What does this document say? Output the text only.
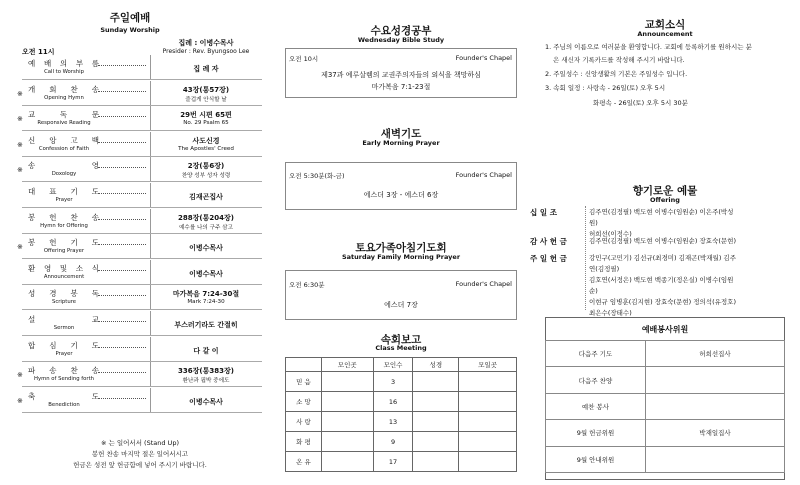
주일예배
Sunday Worship
집례 : 이병수목사
Presider : Rev. Byungsoo Lee
오전 11시
예 배 의 부 름
Call to Worship	집 례 자
※ 개 회 찬 송
Opening Hymn
43장(통57장)
즐겁게 안식할 날
※ 교 독 문
Responsive Reading
29번 시편 65편
No. 29 Psalm 65
※ 신 앙 고 백
Confession of Faith
사도신경
The Apostles' Creed
※ 송 영
Doxology
2장(통6장)
찬양 성부 성자 성령
대 표 기 도
Prayer	김재곤집사
봉 헌 찬 송
Hymn for Offering
288장(통204장)
예수를 나의 구주 삼고
※ 봉 헌 기 도
Offering Prayer	이병수목사
환 영 및 소 식
Announcement	이병수목사
성 경 봉 독
Scripture
마가복음 7:24-30절
Mark 7:24-30
설 교
Sermon	부스러기라도 간절히
합 심 기 도
Prayer	다 같 이
※ 파 송 찬 송
Hymn of Sending forth
336장(통383장)
환난과 핍박 중에도
※ 축 도
Benediction	이병수목사
※ 는 일어서서 (Stand Up)
봉헌 찬송 마지막 절은 일어서시고
헌금은 성전 앞 헌금함에 넣어 주시기 바랍니다.
수요성경공부
Wednesday Bible Study
오전 10시	Founder's Chapel
제37과 예루살렘의 교권주의자들의 외식을 책망하심
마가복음 7:1-23절
새벽기도
Early Morning Prayer
오전 5:30분(화-금)	Founder's Chapel
에스더 3장 - 에스더 6장
토요가족아침기도회
Saturday Family Morning Prayer
오전 6:30분	Founder's Chapel
에스더 7장
속회보고
Class Meeting
	모인곳	모인수	성경	모일곳
믿 음		3		
소 망		16		
사 랑		13		
화 평		9		
온 유		17		
교회소식
Announcement
1. 주님의 이름으로 여러분을 환영합니다. 교회에 등록하기를 원하시는 분
은 새신자 기록카드를 작성해 주시기 바랍니다.
2. 주일성수 : 신앙생활의 기본은 주일성수 입니다.
3. 속회 일정 : 사랑속 - 26일(토) 오후 5시
화평속 - 26일(토) 오후 5시 30분
향기로운 예물
Offering
십 일 조	김주연(김정필) 백도현 이병수(임원순) 이은주(박성원)
허희선(이정수)
감 사 헌 금	김주연(김정필) 백도현 이병수(임원순) 장효숙(문현)
주 일 헌 금	강민구(고민기) 김선규(최경미) 김재곤(박재월) 김주연(김정필)
김호연(서정은) 백도현 백종기(정은실) 이병수(임원순)
이현규 임병훈(김지현) 장효숙(문현) 정의석(유정호)
최은수(장태수)
예배봉사위원
다음주 기도	허희선집사
다음주 찬양	
예찬 봉사	
9월 헌금위원	박재일집사
9월 안내위원	
